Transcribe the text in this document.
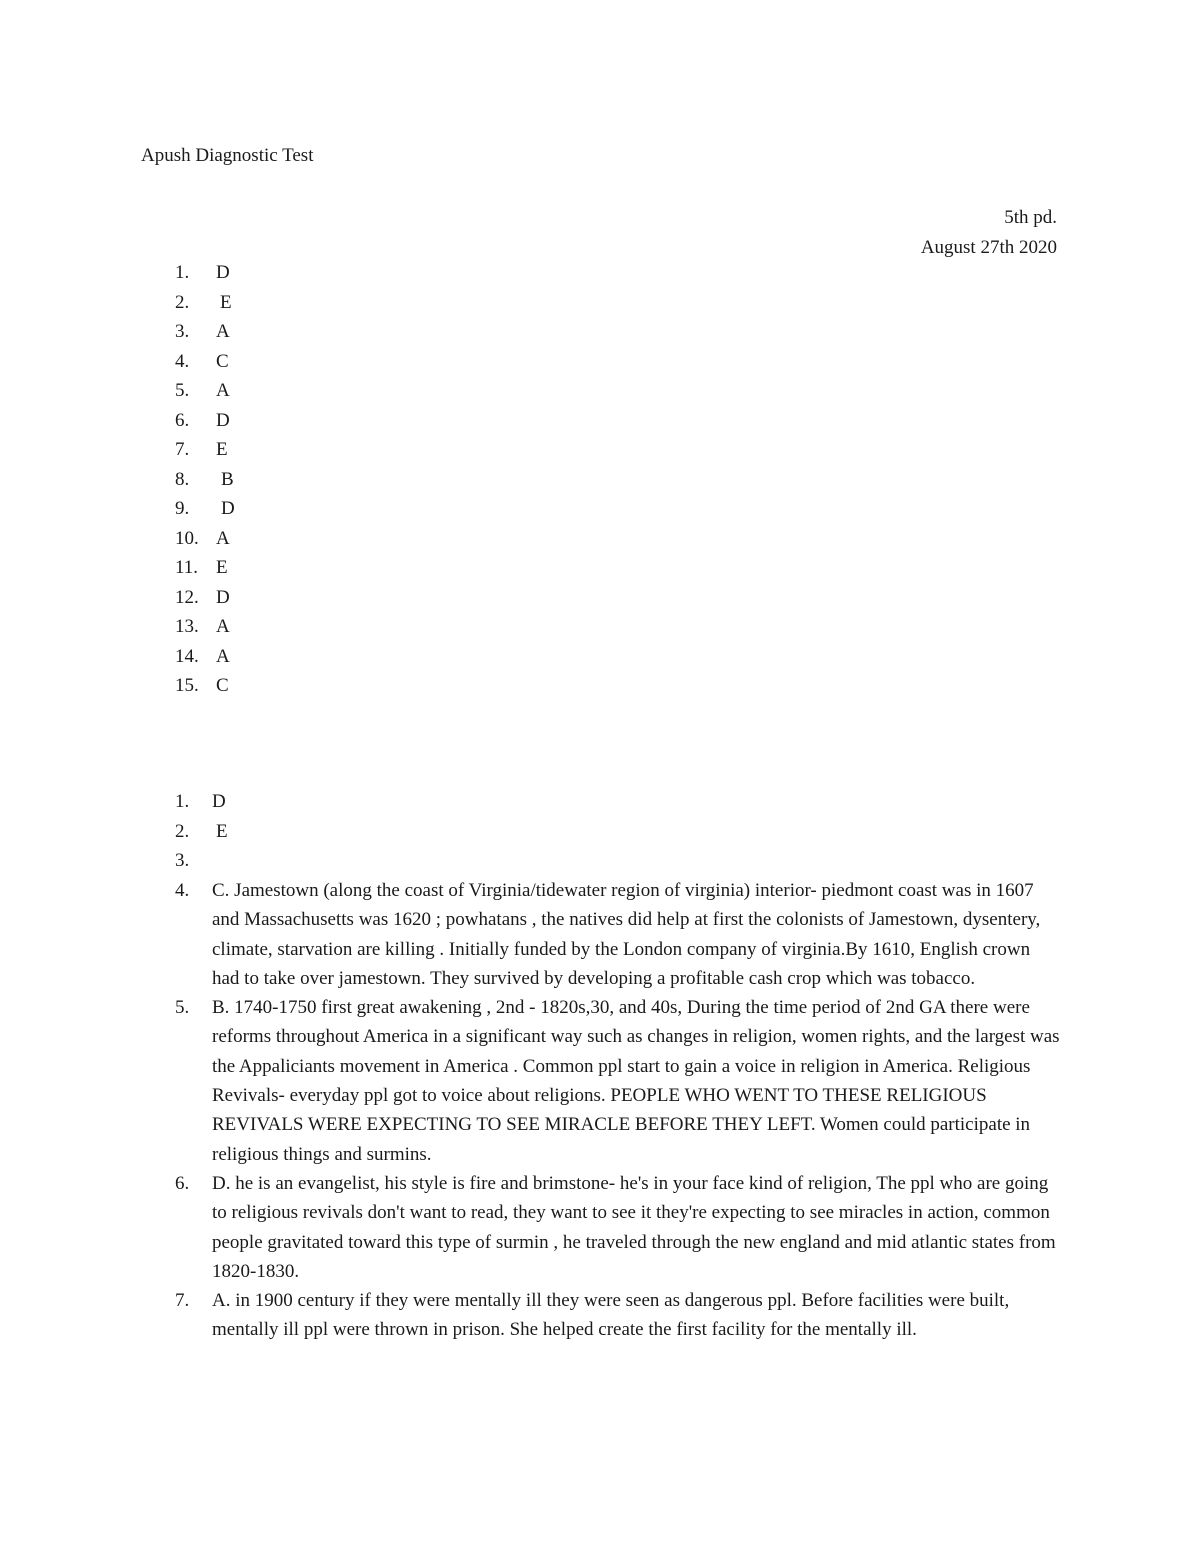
Apush Diagnostic Test
5th pd.
August 27th 2020
1. D
2. E
3. A
4. C
5. A
6. D
7. E
8. B
9. D
10. A
11. E
12. D
13. A
14. A
15. C
1. D
2. E
3.
4. C. Jamestown (along the coast of Virginia/tidewater region of virginia) interior- piedmont coast was in 1607 and Massachusetts was 1620 ; powhatans , the natives did help at first the colonists of Jamestown, dysentery, climate, starvation are killing . Initially funded by the London company of virginia.By 1610, English crown had to take over jamestown. They survived by developing a profitable cash crop which was tobacco.
5. B. 1740-1750 first great awakening , 2nd - 1820s,30, and 40s, During the time period of 2nd GA there were reforms throughout America in a significant way such as changes in religion, women rights, and the largest was the Appaliciants movement in America . Common ppl start to gain a voice in religion in America. Religious Revivals- everyday ppl got to voice about religions. PEOPLE WHO WENT TO THESE RELIGIOUS REVIVALS WERE EXPECTING TO SEE MIRACLE BEFORE THEY LEFT. Women could participate in religious things and surmins.
6. D. he is an evangelist, his style is fire and brimstone- he's in your face kind of religion, The ppl who are going to religious revivals don't want to read, they want to see it they're expecting to see miracles in action, common people gravitated toward this type of surmin , he traveled through the new england and mid atlantic states from 1820-1830.
7. A. in 1900 century if they were mentally ill they were seen as dangerous ppl. Before facilities were built, mentally ill ppl were thrown in prison. She helped create the first facility for the mentally ill.
